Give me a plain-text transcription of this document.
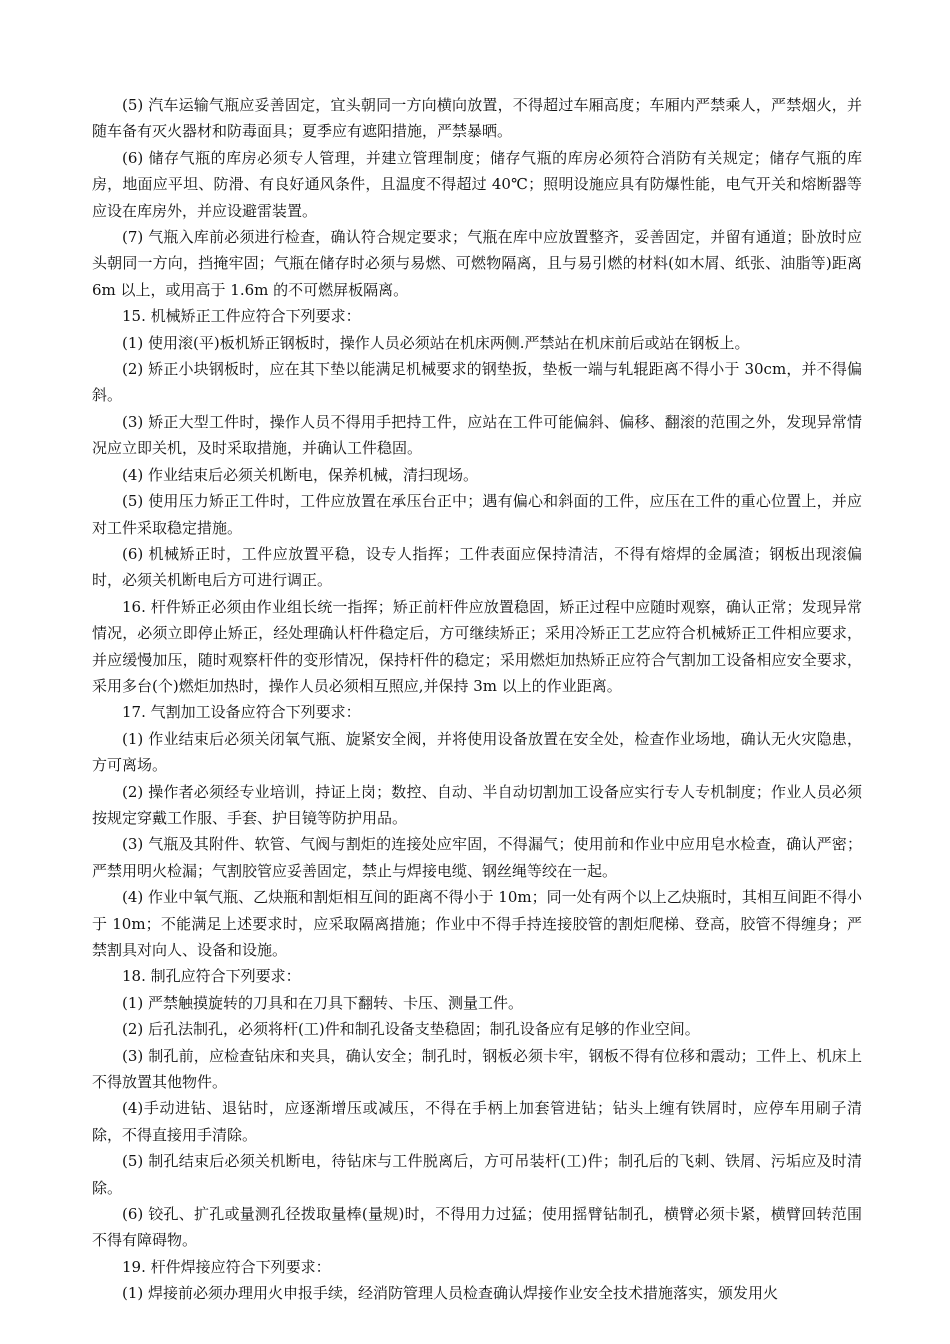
(5) 汽车运输气瓶应妥善固定，宜头朝同一方向横向放置，不得超过车厢高度；车厢内严禁乘人，严禁烟火，并随车备有灭火器材和防毒面具；夏季应有遮阳措施，严禁暴晒。

(6) 储存气瓶的库房必须专人管理，并建立管理制度；储存气瓶的库房必须符合消防有关规定；储存气瓶的库房，地面应平坦、防滑、有良好通风条件，且温度不得超过 40℃；照明设施应具有防爆性能，电气开关和熔断器等应设在库房外，并应设避雷装置。

(7) 气瓶入库前必须进行检查，确认符合规定要求；气瓶在库中应放置整齐，妥善固定，并留有通道；卧放时应头朝同一方向，挡掩牢固；气瓶在储存时必须与易燃、可燃物隔离，且与易引燃的材料(如木屑、纸张、油脂等)距离 6m 以上，或用高于 1.6m 的不可燃屏板隔离。

15. 机械矫正工件应符合下列要求：

(1) 使用滚(平)板机矫正钢板时，操作人员必须站在机床两侧.严禁站在机床前后或站在钢板上。

(2) 矫正小块钢板时，应在其下垫以能满足机械要求的钢垫扳，垫板一端与轧辊距离不得小于 30cm，并不得偏斜。

(3) 矫正大型工件时，操作人员不得用手把持工件，应站在工件可能偏斜、偏移、翻滚的范围之外，发现异常情况应立即关机，及时采取措施，并确认工件稳固。

(4) 作业结束后必须关机断电，保养机械，清扫现场。

(5) 使用压力矫正工件时，工件应放置在承压台正中；遇有偏心和斜面的工件，应压在工件的重心位置上，并应对工件采取稳定措施。

(6) 机械矫正时，工件应放置平稳，设专人指挥；工件表面应保持清洁，不得有熔焊的金属渣；钢板出现滚偏时，必须关机断电后方可进行调正。

16. 杆件矫正必须由作业组长统一指挥；矫正前杆件应放置稳固，矫正过程中应随时观察，确认正常；发现异常情况，必须立即停止矫正，经处理确认杆件稳定后，方可继续矫正；采用冷矫正工艺应符合机械矫正工件相应要求，并应缓慢加压，随时观察杆件的变形情况，保持杆件的稳定；采用燃炬加热矫正应符合气割加工设备相应安全要求，采用多台(个)燃炬加热时，操作人员必须相互照应,并保持 3m 以上的作业距离。

17. 气割加工设备应符合下列要求：

(1) 作业结束后必须关闭氧气瓶、旋紧安全阀，并将使用设备放置在安全处，检查作业场地，确认无火灾隐患，方可离场。

(2) 操作者必须经专业培训，持证上岗；数控、自动、半自动切割加工设备应实行专人专机制度；作业人员必须按规定穿戴工作服、手套、护目镜等防护用品。

(3) 气瓶及其附件、软管、气阀与割炬的连接处应牢固，不得漏气；使用前和作业中应用皂水检查，确认严密；严禁用明火检漏；气割胶管应妥善固定，禁止与焊接电缆、钢丝绳等绞在一起。

(4) 作业中氧气瓶、乙炔瓶和割炬相互间的距离不得小于 10m；同一处有两个以上乙炔瓶时，其相互间距不得小于 10m；不能满足上述要求时，应采取隔离措施；作业中不得手持连接胶管的割炬爬梯、登高，胶管不得缠身；严禁割具对向人、设备和设施。

18. 制孔应符合下列要求：

(1) 严禁触摸旋转的刀具和在刀具下翻转、卡压、测量工件。

(2) 后孔法制孔，必须将杆(工)件和制孔设备支垫稳固；制孔设备应有足够的作业空间。

(3) 制孔前，应检查钻床和夹具，确认安全；制孔时，钢板必须卡牢，钢板不得有位移和震动；工件上、机床上不得放置其他物件。

(4)手动进钻、退钻时，应逐渐增压或减压，不得在手柄上加套管进钻；钻头上缠有铁屑时，应停车用刷子清除，不得直接用手清除。

(5) 制孔结束后必须关机断电，待钻床与工件脱离后，方可吊装杆(工)件；制孔后的飞刺、铁屑、污垢应及时清除。

(6) 铰孔、扩孔或量测孔径拨取量棒(量规)时，不得用力过猛；使用摇臂钻制孔，横臂必须卡紧，横臂回转范围不得有障碍物。

19. 杆件焊接应符合下列要求：

(1) 焊接前必须办理用火申报手续，经消防管理人员检查确认焊接作业安全技术措施落实，颁发用火
